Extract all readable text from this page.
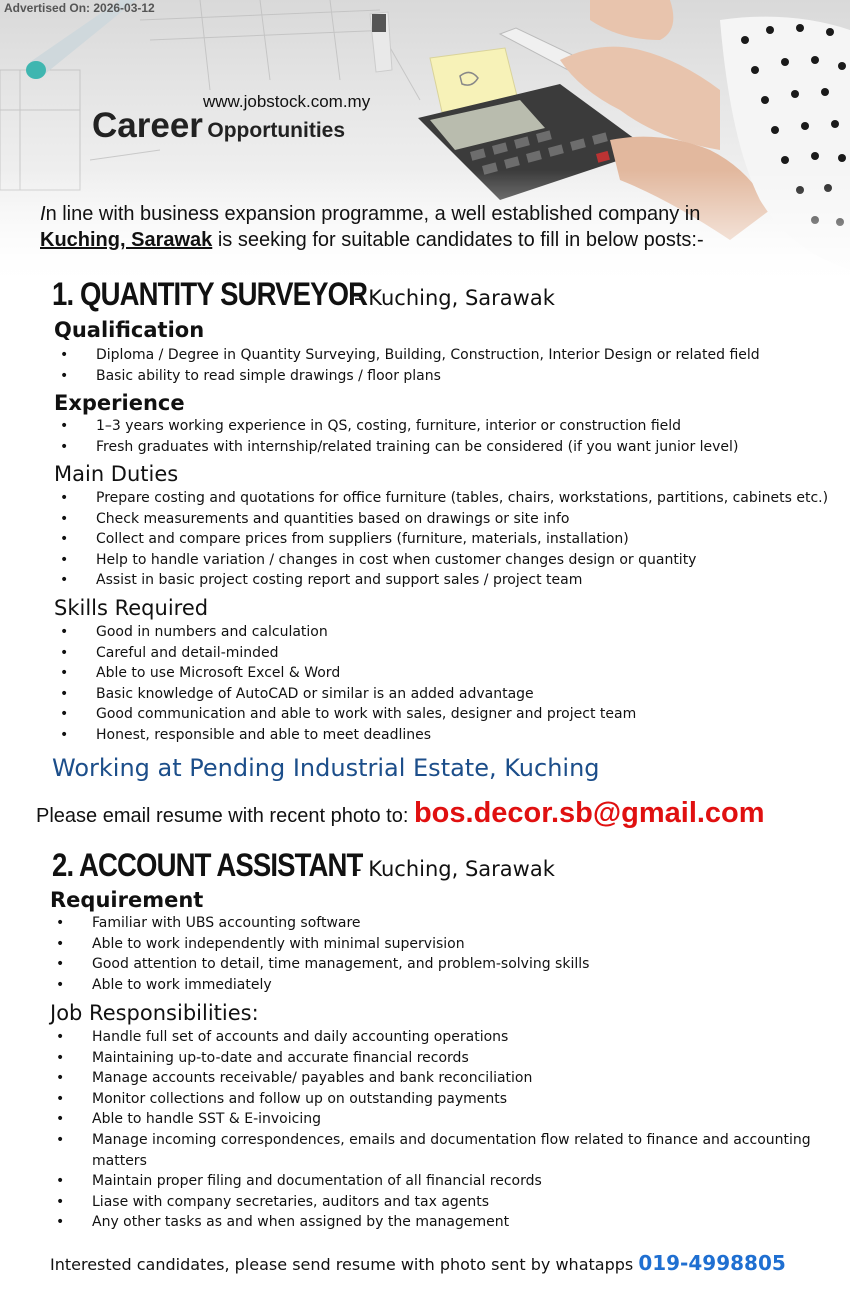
Advertised On: 2026-03-12
www.jobstock.com.my
Career Opportunities
In line with business expansion programme, a well established company in
Kuching, Sarawak is seeking for suitable candidates to fill in below posts:-
1. QUANTITY SURVEYOR
- Kuching, Sarawak
Qualification
• Diploma / Degree in Quantity Surveying, Building, Construction, Interior Design or related field
• Basic ability to read simple drawings / floor plans
Experience
• 1–3 years working experience in QS, costing, furniture, interior or construction field
• Fresh graduates with internship/related training can be considered (if you want junior level)
Main Duties
• Prepare costing and quotations for office furniture (tables, chairs, workstations, partitions, cabinets etc.)
• Check measurements and quantities based on drawings or site info
• Collect and compare prices from suppliers (furniture, materials, installation)
• Help to handle variation / changes in cost when customer changes design or quantity
• Assist in basic project costing report and support sales / project team
Skills Required
• Good in numbers and calculation
• Careful and detail-minded
• Able to use Microsoft Excel & Word
• Basic knowledge of AutoCAD or similar is an added advantage
• Good communication and able to work with sales, designer and project team
• Honest, responsible and able to meet deadlines
Working at Pending Industrial Estate, Kuching
Please email resume with recent photo to: bos.decor.sb@gmail.com
2. ACCOUNT ASSISTANT
- Kuching, Sarawak
Requirement
• Familiar with UBS accounting software
• Able to work independently with minimal supervision
• Good attention to detail, time management, and problem-solving skills
• Able to work immediately
Job Responsibilities:
• Handle full set of accounts and daily accounting operations
• Maintaining up-to-date and accurate financial records
• Manage accounts receivable/ payables and bank reconciliation
• Monitor collections and follow up on outstanding payments
• Able to handle SST & E-invoicing
• Manage incoming correspondences, emails and documentation flow related to finance and accounting matters
• Maintain proper filing and documentation of all financial records
• Liase with company secretaries, auditors and tax agents
• Any other tasks as and when assigned by the management
Interested candidates, please send resume with photo sent by whatapps 019-4998805
